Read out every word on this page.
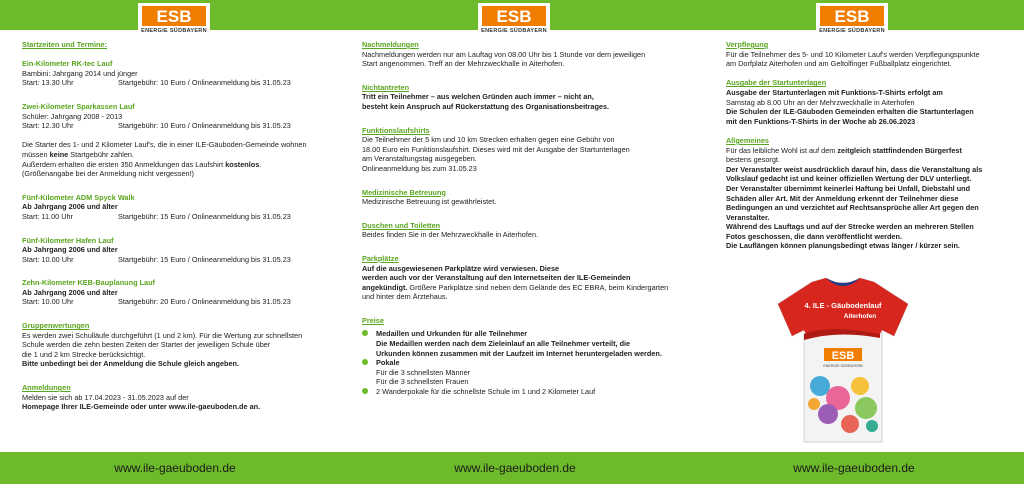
ESB
ENERGIE SÜDBAYERN
ESB
ENERGIE SÜDBAYERN
ESB
ENERGIE SÜDBAYERN

Startzeiten und Termine:

Ein-Kilometer RK-tec Lauf

Bambini: Jahrgang 2014 und jünger

Start: 13.30 Uhr	Startgebühr: 10 Euro / Onlineanmeldung bis 31.05.23

Zwei-Kilometer Sparkassen Lauf

Schüler: Jahrgang 2008 - 2013

Start: 12.30 Uhr	Startgebühr: 10 Euro / Onlineanmeldung bis 31.05.23

Die Starter des 1- und 2 Kilometer Lauf's, die in einer ILE-Gäuboden-Gemeinde wohnen

müssen keine Startgebühr zahlen.

Außerdem erhalten die ersten 350 Anmeldungen das Laufshirt kostenlos.

(Größenangabe bei der Anmeldung nicht vergessen!)

Fünf-Kilometer ADM Spyck Walk

Ab Jahrgang 2006 und älter

Start: 11.00 Uhr	Startgebühr: 15 Euro / Onlineanmeldung bis 31.05.23

Fünf-Kilometer Hafen Lauf

Ab Jahrgang 2006 und älter

Start: 10.00 Uhr	Startgebühr: 15 Euro / Onlineanmeldung bis 31.05.23

Zehn-Kilometer KEB-Bauplanung Lauf

Ab Jahrgang 2006 und älter

Start: 10.00 Uhr	Startgebühr: 20 Euro / Onlineanmeldung bis 31.05.23

Gruppenwertungen

Es werden zwei Schulläufe durchgeführt (1 und 2 km). Für die Wertung zur schnellsten

Schule werden die zehn besten Zeiten der Starter der jeweiligen Schule über

die 1 und 2 km Strecke berücksichtigt.

Bitte unbedingt bei der Anmeldung die Schule gleich angeben.

Anmeldungen

Melden sie sich ab 17.04.2023 - 31.05.2023 auf der

Homepage Ihrer ILE-Gemeinde oder unter www.ile-gaeuboden.de an.

Nachmeldungen

Nachmeldungen werden nur am Lauftag von 08.00 Uhr bis 1 Stunde vor dem jeweiligen

Start angenommen. Treff an der Mehrzweckhalle in Aiterhofen.

Nichtantreten

Tritt ein Teilnehmer – aus welchen Gründen auch immer – nicht an,

besteht kein Anspruch auf Rückerstattung des Organisationsbeitrages.

Funktionslaufshirts

Die Teilnehmer der 5 km und 10 km Strecken erhalten gegen eine Gebühr von

18.00 Euro ein Funktionslaufshirt. Dieses wird mit der Ausgabe der Startunterlagen

am Veranstaltungstag ausgegeben.

Onlineanmeldung bis zum 31.05.23

Medizinische Betreuung

Medizinische Betreuung ist gewährleistet.

Duschen und Toiletten

Beides finden Sie in der Mehrzweckhalle in Aiterhofen.

Parkplätze

Auf die ausgewiesenen Parkplätze wird verwiesen. Diese

werden auch vor der Veranstaltung auf den Internetseiten der ILE-Gemeinden

angekündigt. Größere Parkplätze sind neben dem Gelände des EC EBRA, beim Kindergarten

und hinter dem Ärztehaus.

Preise

Medaillen und Urkunden für alle Teilnehmer

Die Medaillen werden nach dem Zieleinlauf an alle Teilnehmer verteilt, die

Urkunden können zusammen mit der Laufzeit im Internet heruntergeladen werden.

Pokale

Für die 3 schnellsten Männer

Für die 3 schnellsten Frauen

2 Wanderpokale für die schnellste Schule im 1 und 2 Kilometer Lauf

Verpflegung

Für die Teilnehmer des 5- und 10 Kilometer Lauf's werden Verpflegungspunkte

am Dorfplatz Aiterhofen und am Geltolfinger Fußballplatz eingerichtet.

Ausgabe der Startunterlagen

Ausgabe der Startunterlagen mit Funktions-T-Shirts erfolgt am

Samstag ab 8.00 Uhr an der Mehrzweckhalle in Aiterhofen

Die Schulen der ILE-Gäuboden Gemeinden erhalten die Startunterlagen

mit den Funktions-T-Shirts in der Woche ab 26.06.2023

Allgemeines

Für das leibliche Wohl ist auf dem zeitgleich stattfindenden Bürgerfest

bestens gesorgt.

Der Veranstalter weist ausdrücklich darauf hin, dass die Veranstaltung als

Volkslauf gedacht ist und keiner offiziellen Wertung der DLV unterliegt.

Der Veranstalter übernimmt keinerlei Haftung bei Unfall, Diebstahl und

Schäden aller Art. Mit der Anmeldung erkennt der Teilnehmer diese

Bedingungen an und verzichtet auf Rechtsansprüche aller Art gegen den

Veranstalter.

Während des Lauftags und auf der Strecke werden an mehreren Stellen

Fotos geschossen, die dann veröffentlicht werden.

Die Lauflängen können planungsbedingt etwas länger / kürzer sein.

4. ILE - Gäubodenlauf
Aiterhofen
ESB
ENERGIE SÜDBAYERN
www.ile-gaeuboden.de	www.ile-gaeuboden.de	www.ile-gaeuboden.de
